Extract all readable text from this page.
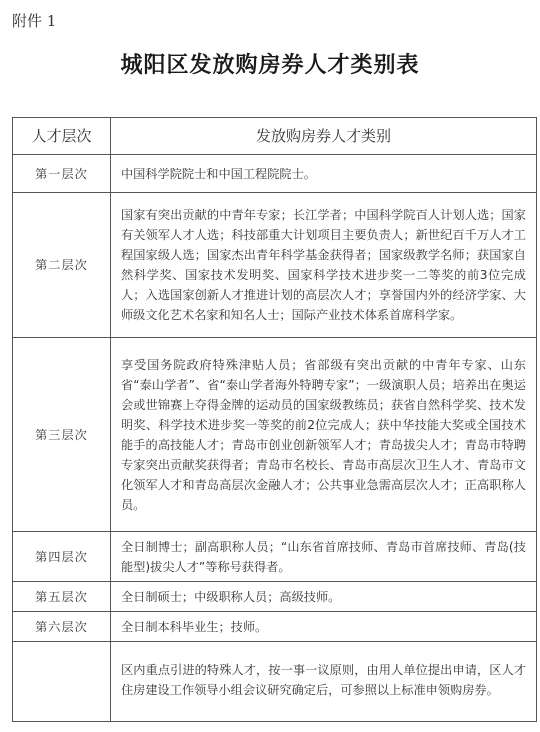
附件 1
城阳区发放购房券人才类别表
人才层次	发放购房券人才类别
第一层次	中国科学院院士和中国工程院院士。
第二层次	国家有突出贡献的中青年专家；长江学者；中国科学院百人计划人选；国家有关领军人才人选；科技部重大计划项目主要负责人；新世纪百千万人才工程国家级人选；国家杰出青年科学基金获得者；国家级教学名师；获国家自然科学奖、国家技术发明奖、国家科学技术进步奖一二等奖的前3位完成人；入选国家创新人才推进计划的高层次人才；享誉国内外的经济学家、大师级文化艺术名家和知名人士；国际产业技术体系首席科学家。
第三层次	享受国务院政府特殊津贴人员；省部级有突出贡献的中青年专家、山东省“泰山学者”、省“泰山学者海外特聘专家”；一级演职人员；培养出在奥运会或世锦赛上夺得金牌的运动员的国家级教练员；获省自然科学奖、技术发明奖、科学技术进步奖一等奖的前2位完成人；获中华技能大奖或全国技术能手的高技能人才；青岛市创业创新领军人才；青岛拔尖人才；青岛市特聘专家突出贡献奖获得者；青岛市名校长、青岛市高层次卫生人才、青岛市文化领军人才和青岛高层次金融人才；公共事业急需高层次人才；正高职称人员。
第四层次	全日制博士；副高职称人员；“山东省首席技师、青岛市首席技师、青岛(技能型)拔尖人才”等称号获得者。
第五层次	全日制硕士；中级职称人员；高级技师。
第六层次	全日制本科毕业生；技师。
	区内重点引进的特殊人才，按一事一议原则，由用人单位提出申请，区人才住房建设工作领导小组会议研究确定后，可参照以上标准申领购房券。
